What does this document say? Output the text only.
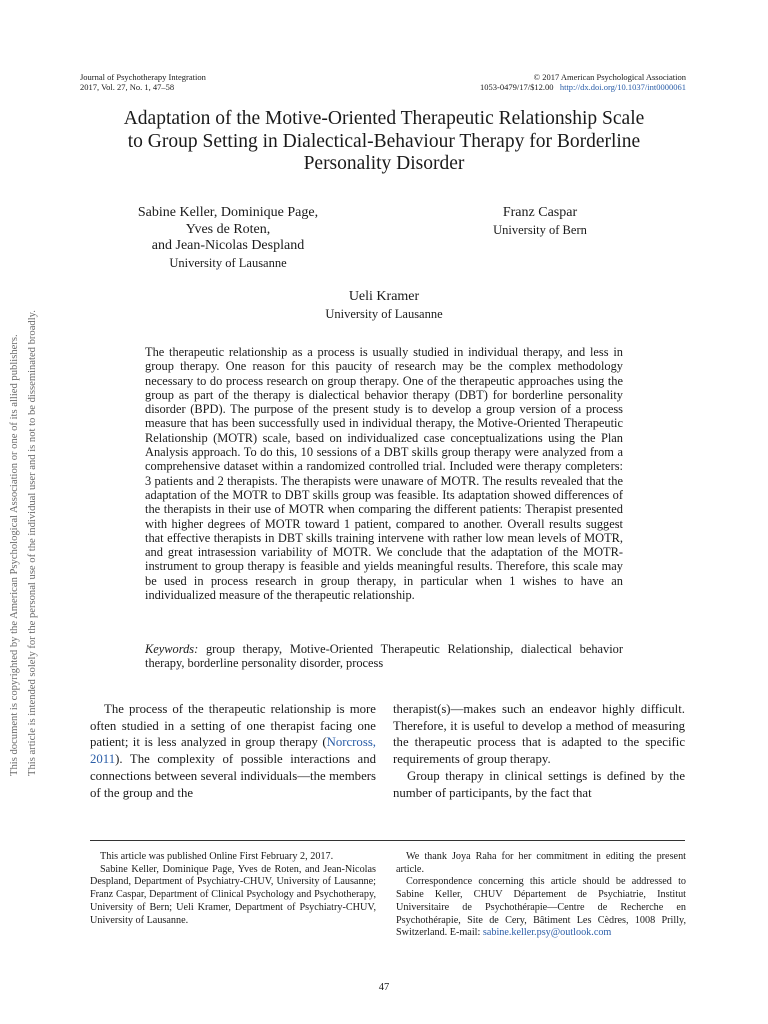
This document is copyrighted by the American Psychological Association or one of its allied publishers. This article is intended solely for the personal use of the individual user and is not to be disseminated broadly.
Journal of Psychotherapy Integration
2017, Vol. 27, No. 1, 47–58
© 2017 American Psychological Association
1053-0479/17/$12.00 http://dx.doi.org/10.1037/int0000061
Adaptation of the Motive-Oriented Therapeutic Relationship Scale
to Group Setting in Dialectical-Behaviour Therapy for Borderline
Personality Disorder
Sabine Keller, Dominique Page,
Yves de Roten,
and Jean-Nicolas Despland
University of Lausanne
Franz Caspar
University of Bern
Ueli Kramer
University of Lausanne
The therapeutic relationship as a process is usually studied in individual therapy, and less in group therapy. One reason for this paucity of research may be the complex methodology necessary to do process research on group therapy. One of the therapeutic approaches using the group as part of the therapy is dialectical behavior therapy (DBT) for borderline personality disorder (BPD). The purpose of the present study is to develop a group version of a process measure that has been successfully used in individual therapy, the Motive-Oriented Therapeutic Relationship (MOTR) scale, based on individualized case conceptualizations using the Plan Analysis approach. To do this, 10 sessions of a DBT skills group therapy were analyzed from a comprehensive dataset within a randomized controlled trial. Included were therapy completers: 3 patients and 2 therapists. The therapists were unaware of MOTR. The results revealed that the adaptation of the MOTR to DBT skills group was feasible. Its adaptation showed differences of the therapists in their use of MOTR when comparing the different patients: Therapist presented with higher degrees of MOTR toward 1 patient, compared to another. Overall results suggest that effective therapists in DBT skills training intervene with rather low mean levels of MOTR, and great intrasession variability of MOTR. We conclude that the adaptation of the MOTR-instrument to group therapy is feasible and yields meaningful results. Therefore, this scale may be used in process research in group therapy, in particular when 1 wishes to have an individualized measure of the therapeutic relationship.
Keywords: group therapy, Motive-Oriented Therapeutic Relationship, dialectical behavior therapy, borderline personality disorder, process

The process of the therapeutic relationship is more often studied in a setting of one therapist facing one patient; it is less analyzed in group therapy (Norcross, 2011). The complexity of possible interactions and connections between several individuals—the members of the group and the

therapist(s)—makes such an endeavor highly difficult. Therefore, it is useful to develop a method of measuring the therapeutic process that is adapted to the specific requirements of group therapy.

Group therapy in clinical settings is defined by the number of participants, by the fact that

This article was published Online First February 2, 2017.

Sabine Keller, Dominique Page, Yves de Roten, and Jean-Nicolas Despland, Department of Psychiatry-CHUV, University of Lausanne; Franz Caspar, Department of Clinical Psychology and Psychotherapy, University of Bern; Ueli Kramer, Department of Psychiatry-CHUV, University of Lausanne.

We thank Joya Raha for her commitment in editing the present article.

Correspondence concerning this article should be addressed to Sabine Keller, CHUV Département de Psychiatrie, Institut Universitaire de Psychothérapie—Centre de Recherche en Psychothérapie, Site de Cery, Bâtiment Les Cèdres, 1008 Prilly, Switzerland. E-mail: sabine.keller.psy@outlook.com

47
